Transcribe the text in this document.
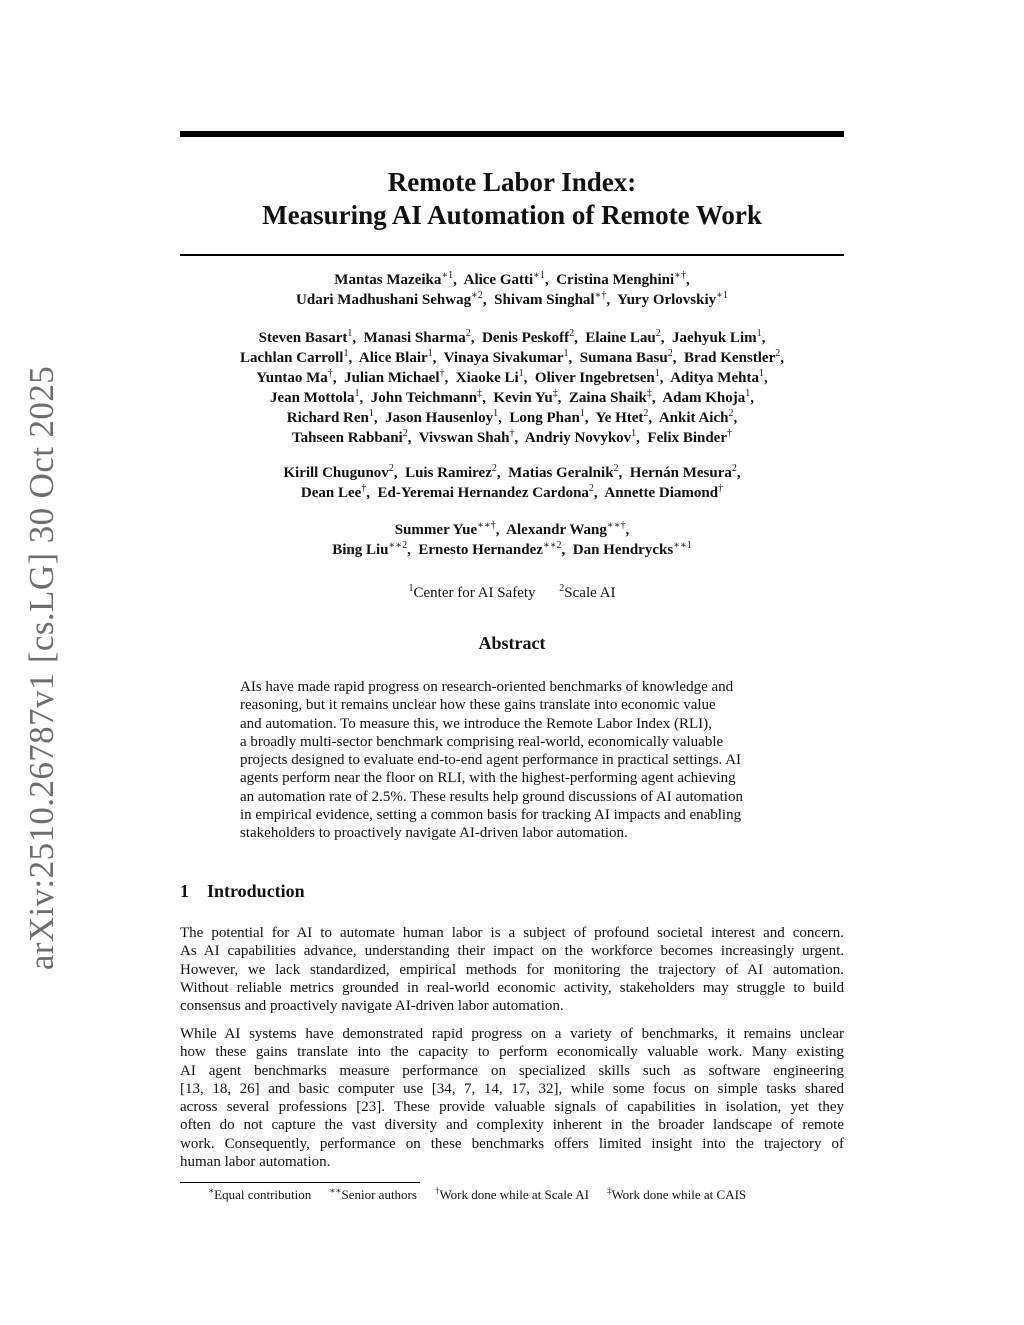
arXiv:2510.26787v1 [cs.LG] 30 Oct 2025
Remote Labor Index:
Measuring AI Automation of Remote Work
Mantas Mazeika$^{∗1}$ , Alice Gatti$^{∗1}$ , Cristina Menghini∗† ,
Udari Madhushani Sehwag$^{∗2}$ , Shivam Singhal∗† , Yury Orlovskiy$^{∗1}$
Steven Basart$^1$ , Manasi Sharma$^2$ , Denis Peskoff$^2$ , Elaine Lau$^2$ , Jaehyuk Lim$^1$ ,
Lachlan Carroll$^1$ , Alice Blair$^1$ , Vinaya Sivakumar$^1$ , Sumana Basu$^2$ , Brad Kenstler$^2$ ,
Yuntao Ma† , Julian Michael† , Xiaoke Li$^1$ , Oliver Ingebretsen$^1$ , Aditya Mehta$^1$ ,
Jean Mottola$^1$ , John Teichmann‡ , Kevin Yu‡ , Zaina Shaik‡ , Adam Khoja$^1$ ,
Richard Ren$^1$ , Jason Hausenloy$^1$ , Long Phan$^1$ , Ye Htet$^2$ , Ankit Aich$^2$ ,
Tahseen Rabbani$^2$ , Vivswan Shah† , Andriy Novykov$^1$ , Felix Binder†
Kirill Chugunov$^2$ , Luis Ramirez$^2$ , Matias Geralnik$^2$ , Hernán Mesura$^2$ ,
Dean Lee† , Ed-Yeremai Hernandez Cardona$^2$ , Annette Diamond†
Summer Yue∗∗† , Alexandr Wang∗∗† ,
Bing Liu$^{∗∗2}$ , Ernesto Hernandez$^{∗∗2}$ , Dan Hendrycks$^{∗∗1}$
$^1$Center for AI Safety $^2$Scale AI
Abstract
AIs have made rapid progress on research-oriented benchmarks of knowledge and
reasoning, but it remains unclear how these gains translate into economic value
and automation. To measure this, we introduce the Remote Labor Index (RLI),
a broadly multi-sector benchmark comprising real-world, economically valuable
projects designed to evaluate end-to-end agent performance in practical settings. AI
agents perform near the floor on RLI, with the highest-performing agent achieving
an automation rate of 2.5%. These results help ground discussions of AI automation
in empirical evidence, setting a common basis for tracking AI impacts and enabling
stakeholders to proactively navigate AI-driven labor automation.
1 Introduction
The potential for AI to automate human labor is a subject of profound societal interest and concern.
As AI capabilities advance, understanding their impact on the workforce becomes increasingly urgent.
However, we lack standardized, empirical methods for monitoring the trajectory of AI automation.
Without reliable metrics grounded in real-world economic activity, stakeholders may struggle to build
consensus and proactively navigate AI-driven labor automation.
While AI systems have demonstrated rapid progress on a variety of benchmarks, it remains unclear
how these gains translate into the capacity to perform economically valuable work. Many existing
AI agent benchmarks measure performance on specialized skills such as software engineering
[13, 18, 26] and basic computer use [34, 7, 14, 17, 32], while some focus on simple tasks shared
across several professions [23]. These provide valuable signals of capabilities in isolation, yet they
often do not capture the vast diversity and complexity inherent in the broader landscape of remote
work. Consequently, performance on these benchmarks offers limited insight into the trajectory of
human labor automation.
∗Equal contribution ∗∗Senior authors †Work done while at Scale AI ‡Work done while at CAIS
